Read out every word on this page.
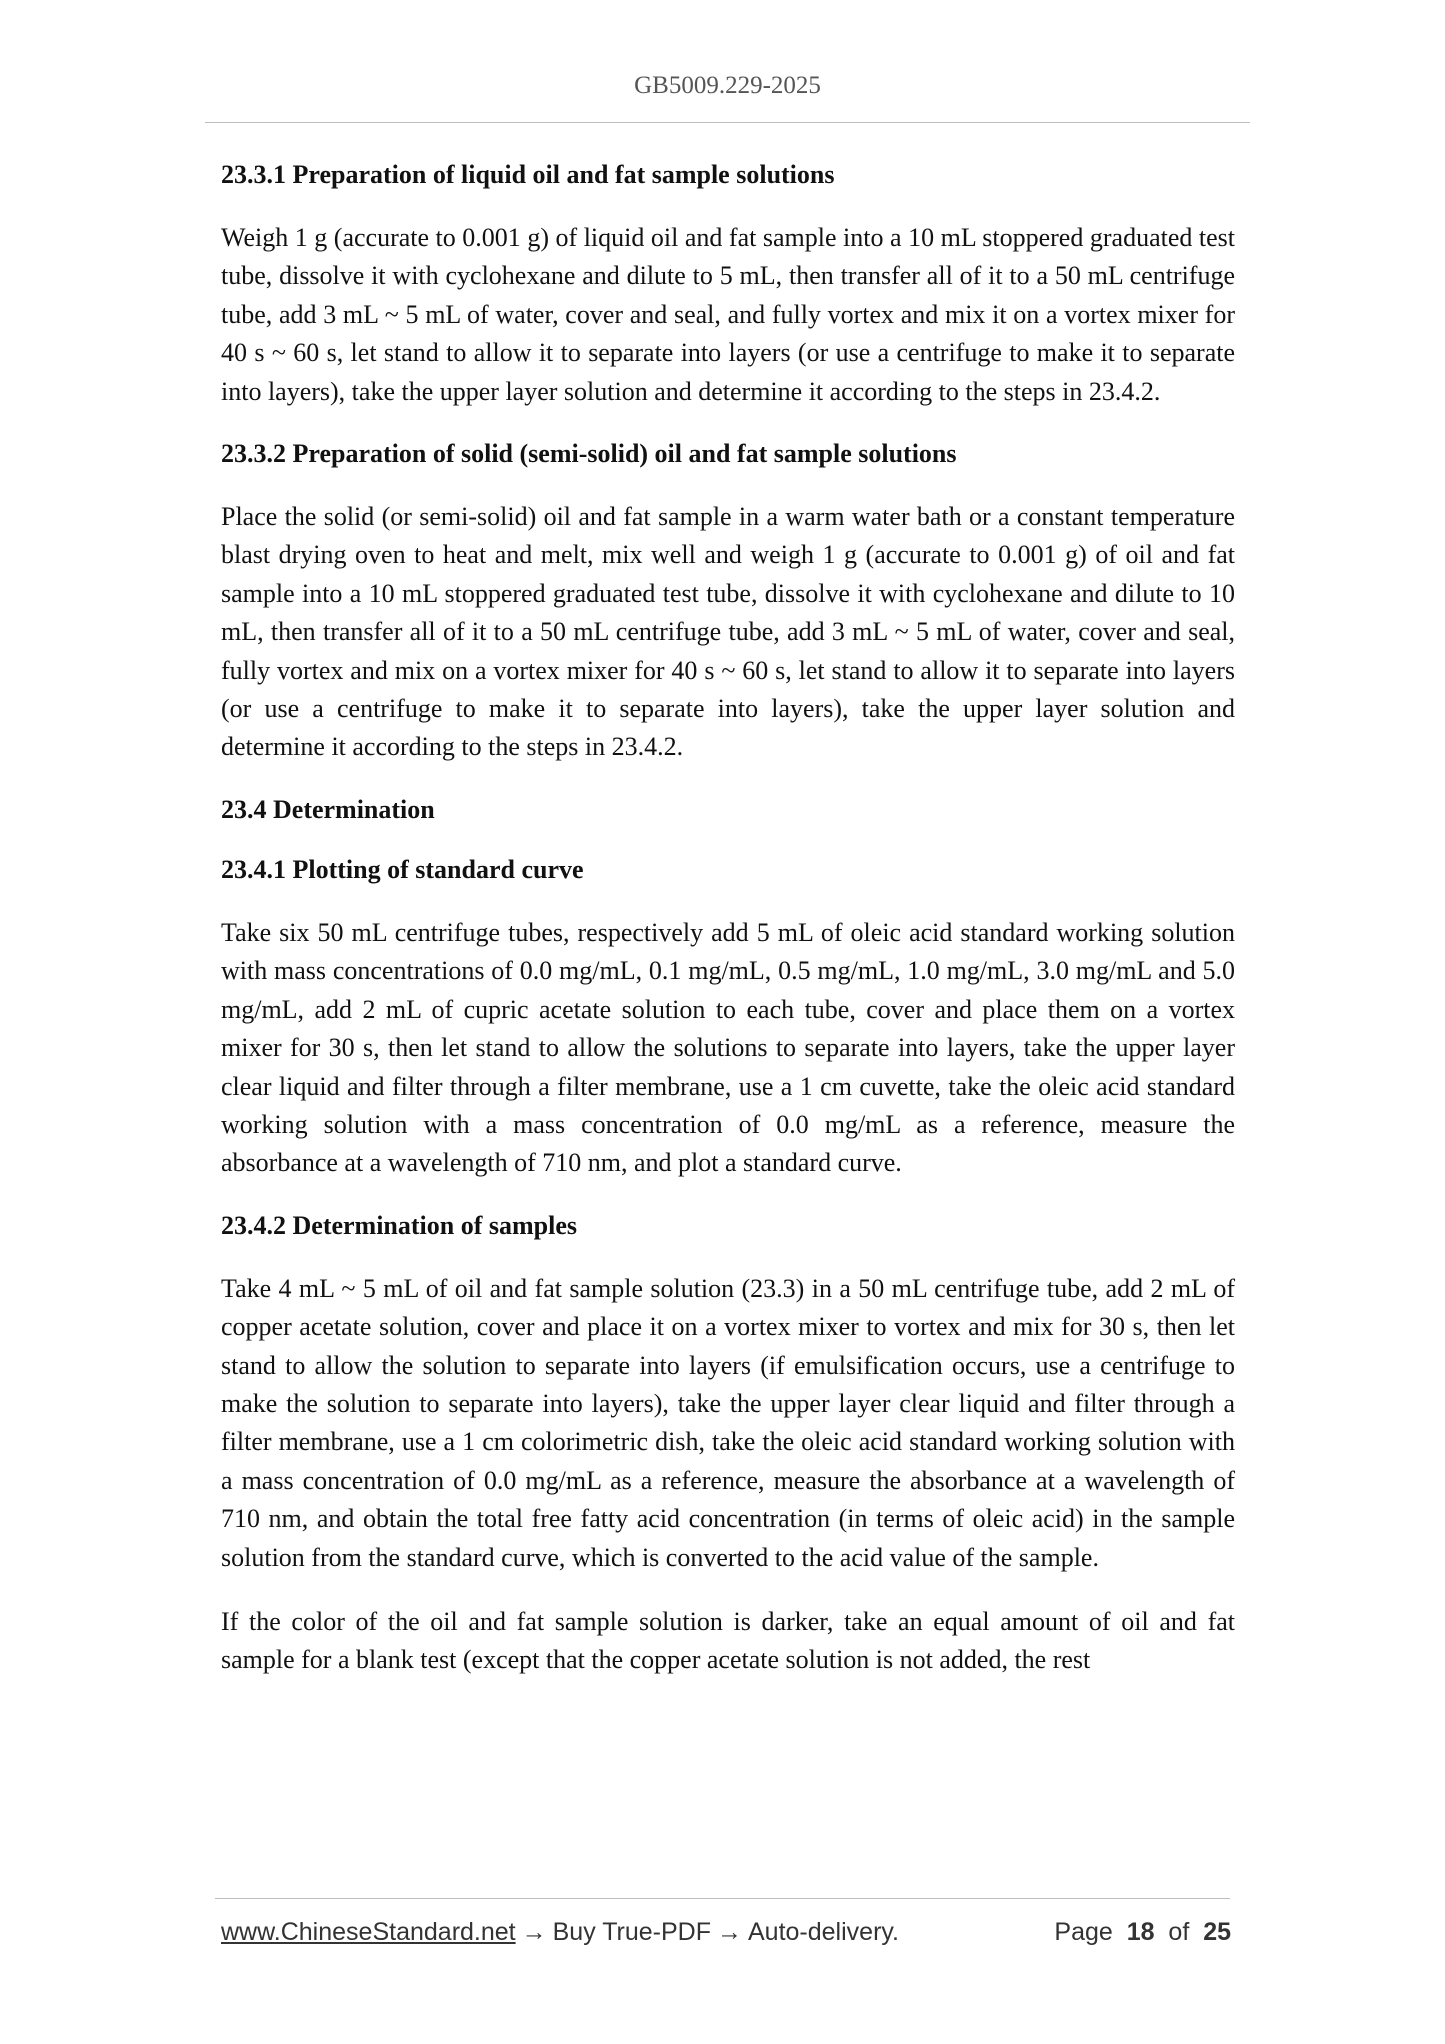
GB5009.229-2025
23.3.1 Preparation of liquid oil and fat sample solutions

Weigh 1 g (accurate to 0.001 g) of liquid oil and fat sample into a 10 mL stoppered graduated test tube, dissolve it with cyclohexane and dilute to 5 mL, then transfer all of it to a 50 mL centrifuge tube, add 3 mL ~ 5 mL of water, cover and seal, and fully vortex and mix it on a vortex mixer for 40 s ~ 60 s, let stand to allow it to separate into layers (or use a centrifuge to make it to separate into layers), take the upper layer solution and determine it according to the steps in 23.4.2.

23.3.2 Preparation of solid (semi-solid) oil and fat sample solutions

Place the solid (or semi-solid) oil and fat sample in a warm water bath or a constant temperature blast drying oven to heat and melt, mix well and weigh 1 g (accurate to 0.001 g) of oil and fat sample into a 10 mL stoppered graduated test tube, dissolve it with cyclohexane and dilute to 10 mL, then transfer all of it to a 50 mL centrifuge tube, add 3 mL ~ 5 mL of water, cover and seal, fully vortex and mix on a vortex mixer for 40 s ~ 60 s, let stand to allow it to separate into layers (or use a centrifuge to make it to separate into layers), take the upper layer solution and determine it according to the steps in 23.4.2.

23.4 Determination
23.4.1 Plotting of standard curve

Take six 50 mL centrifuge tubes, respectively add 5 mL of oleic acid standard working solution with mass concentrations of 0.0 mg/mL, 0.1 mg/mL, 0.5 mg/mL, 1.0 mg/mL, 3.0 mg/mL and 5.0 mg/mL, add 2 mL of cupric acetate solution to each tube, cover and place them on a vortex mixer for 30 s, then let stand to allow the solutions to separate into layers, take the upper layer clear liquid and filter through a filter membrane, use a 1 cm cuvette, take the oleic acid standard working solution with a mass concentration of 0.0 mg/mL as a reference, measure the absorbance at a wavelength of 710 nm, and plot a standard curve.

23.4.2 Determination of samples

Take 4 mL ~ 5 mL of oil and fat sample solution (23.3) in a 50 mL centrifuge tube, add 2 mL of copper acetate solution, cover and place it on a vortex mixer to vortex and mix for 30 s, then let stand to allow the solution to separate into layers (if emulsification occurs, use a centrifuge to make the solution to separate into layers), take the upper layer clear liquid and filter through a filter membrane, use a 1 cm colorimetric dish, take the oleic acid standard working solution with a mass concentration of 0.0 mg/mL as a reference, measure the absorbance at a wavelength of 710 nm, and obtain the total free fatty acid concentration (in terms of oleic acid) in the sample solution from the standard curve, which is converted to the acid value of the sample.

If the color of the oil and fat sample solution is darker, take an equal amount of oil and fat sample for a blank test (except that the copper acetate solution is not added, the rest

www.ChineseStandard.net → Buy True-PDF → Auto-delivery.	Page 18 of 25
